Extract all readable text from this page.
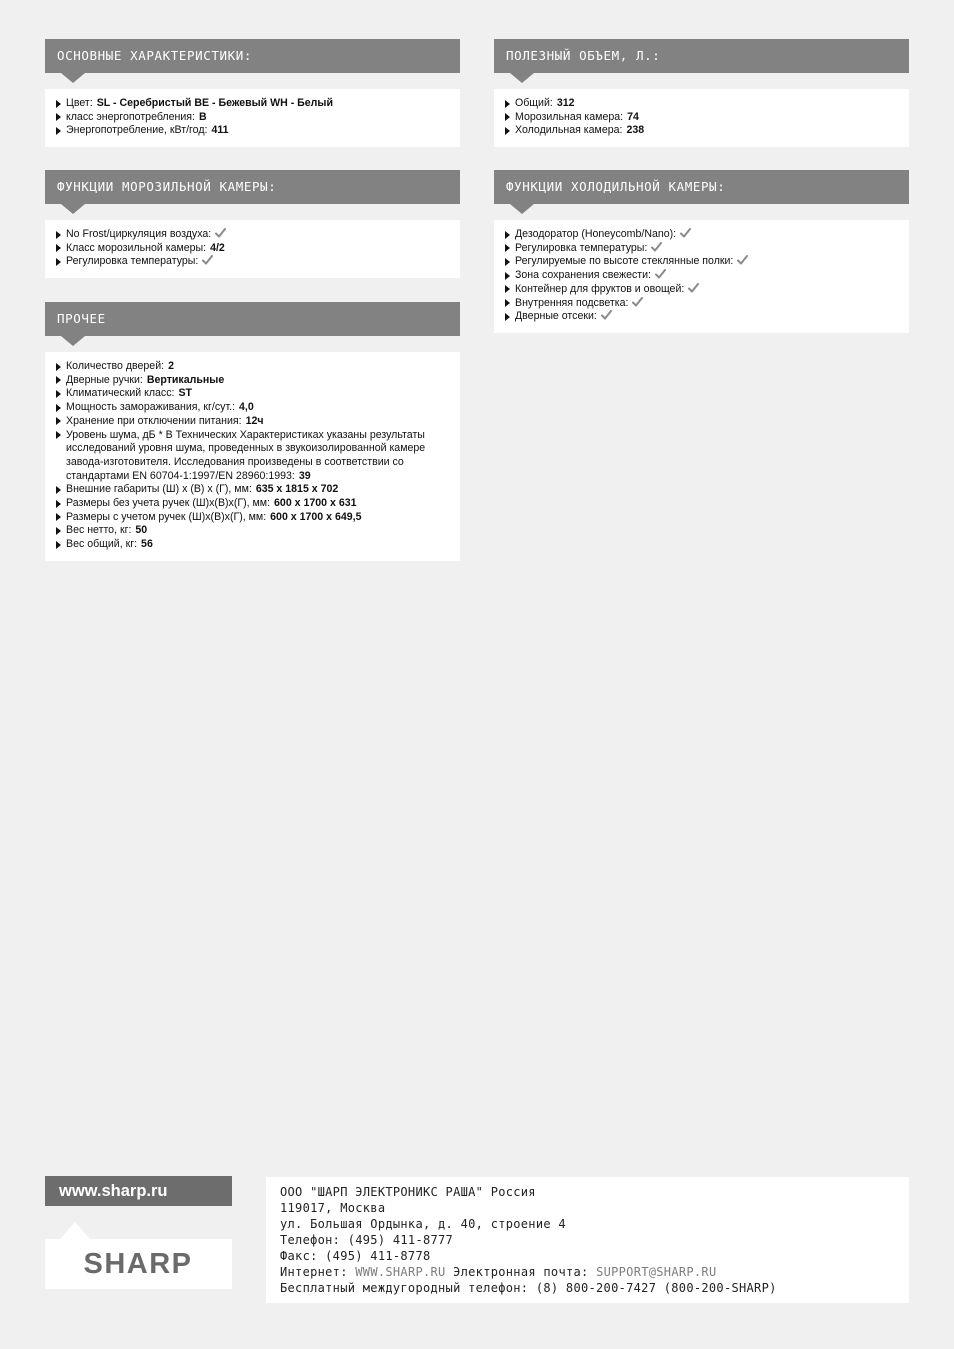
ОСНОВНЫЕ ХАРАКТЕРИСТИКИ:
Цвет: SL - Серебристый BE - Бежевый WH - Белый
класс энергопотребления: B
Энергопотребление, кВт/год: 411
ПОЛЕЗНЫЙ ОБЪЕМ, Л.:
Общий: 312
Морозильная камера: 74
Холодильная камера: 238
ФУНКЦИИ МОРОЗИЛЬНОЙ КАМЕРЫ:
No Frost/циркуляция воздуха:
Класс морозильной камеры: 4/2
Регулировка температуры:
ФУНКЦИИ ХОЛОДИЛЬНОЙ КАМЕРЫ:
Дезодоратор (Honeycomb/Nano):
Регулировка температуры:
Регулируемые по высоте стеклянные полки:
Зона сохранения свежести:
Контейнер для фруктов и овощей:
Внутренняя подсветка:
Дверные отсеки:
ПРОЧЕЕ
Количество дверей: 2
Дверные ручки: Вертикальные
Климатический класс: ST
Мощность замораживания, кг/сут.: 4,0
Хранение при отключении питания: 12ч
Уровень шума, дБ * В Технических Характеристиках указаны результаты исследований уровня шума, проведенных в звукоизолированной камере завода-изготовителя. Исследования произведены в соответствии со стандартами EN 60704-1:1997/EN 28960:1993: 39
Внешние габариты (Ш) х (В) х (Г), мм: 635 x 1815 x 702
Размеры без учета ручек (Ш)х(В)х(Г), мм: 600 x 1700 x 631
Размеры с учетом ручек (Ш)х(В)х(Г), мм: 600 x 1700 x 649,5
Вес нетто, кг: 50
Вес общий, кг: 56
www.sharp.ru
SHARP
ООО "ШАРП ЭЛЕКТРОНИКС РАША" Россия
119017, Москва
ул. Большая Ордынка, д. 40, строение 4
Телефон: (495) 411-8777
Факс: (495) 411-8778
Интернет: WWW.SHARP.RU Электронная почта: SUPPORT@SHARP.RU
Бесплатный междугородный телефон: (8) 800-200-7427 (800-200-SHARP)
